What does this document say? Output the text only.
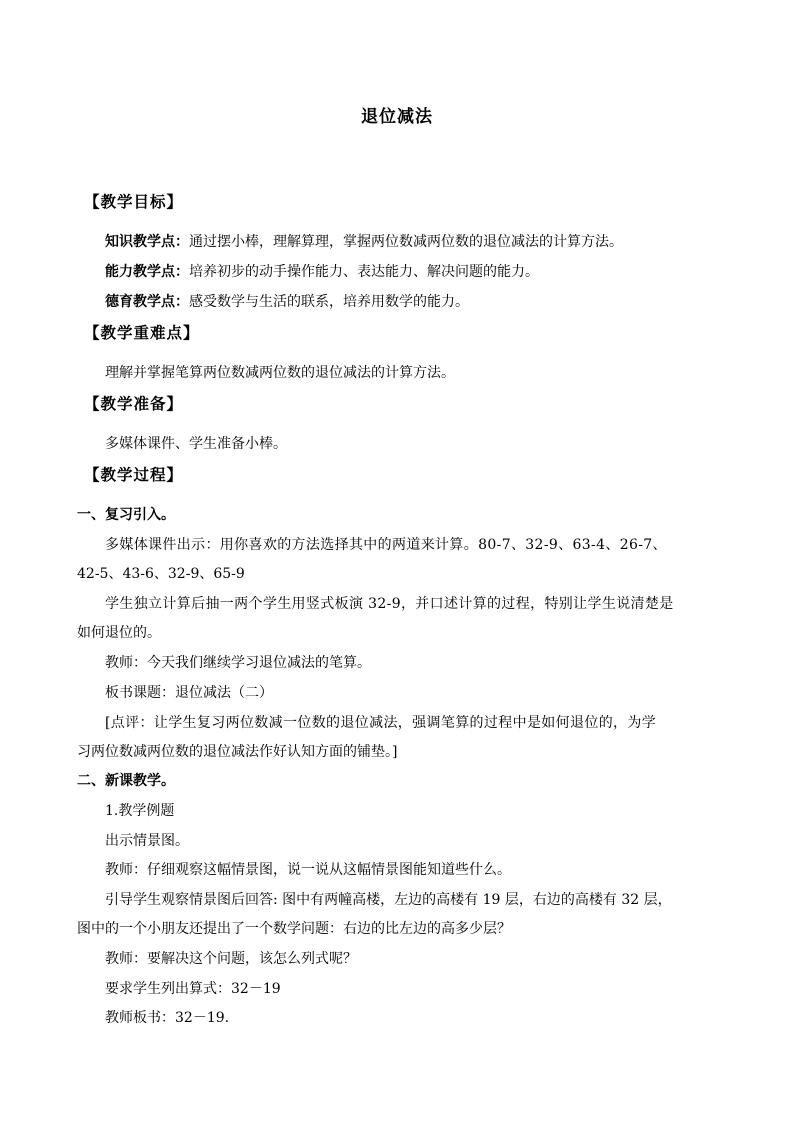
退位减法
【教学目标】
知识教学点：通过摆小棒，理解算理，掌握两位数减两位数的退位减法的计算方法。
能力教学点：培养初步的动手操作能力、表达能力、解决问题的能力。
德育教学点：感受数学与生活的联系，培养用数学的能力。
【教学重难点】
理解并掌握笔算两位数减两位数的退位减法的计算方法。
【教学准备】
多媒体课件、学生准备小棒。
【教学过程】
一、复习引入。
多媒体课件出示：用你喜欢的方法选择其中的两道来计算。80-7、32-9、63-4、26-7、
42-5、43-6、32-9、65-9
学生独立计算后抽一两个学生用竖式板演 32-9，并口述计算的过程，特别让学生说清楚是
如何退位的。
教师：今天我们继续学习退位减法的笔算。
板书课题：退位减法（二）
[点评：让学生复习两位数减一位数的退位减法，强调笔算的过程中是如何退位的，为学
习两位数减两位数的退位减法作好认知方面的铺垫。]
二、新课教学。
1.教学例题
出示情景图。
教师：仔细观察这幅情景图，说一说从这幅情景图能知道些什么。
引导学生观察情景图后回答: 图中有两幢高楼，左边的高楼有 19 层，右边的高楼有 32 层，
图中的一个小朋友还提出了一个数学问题：右边的比左边的高多少层？
教师：要解决这个问题，该怎么列式呢？
要求学生列出算式：32－19
教师板书：32－19.
